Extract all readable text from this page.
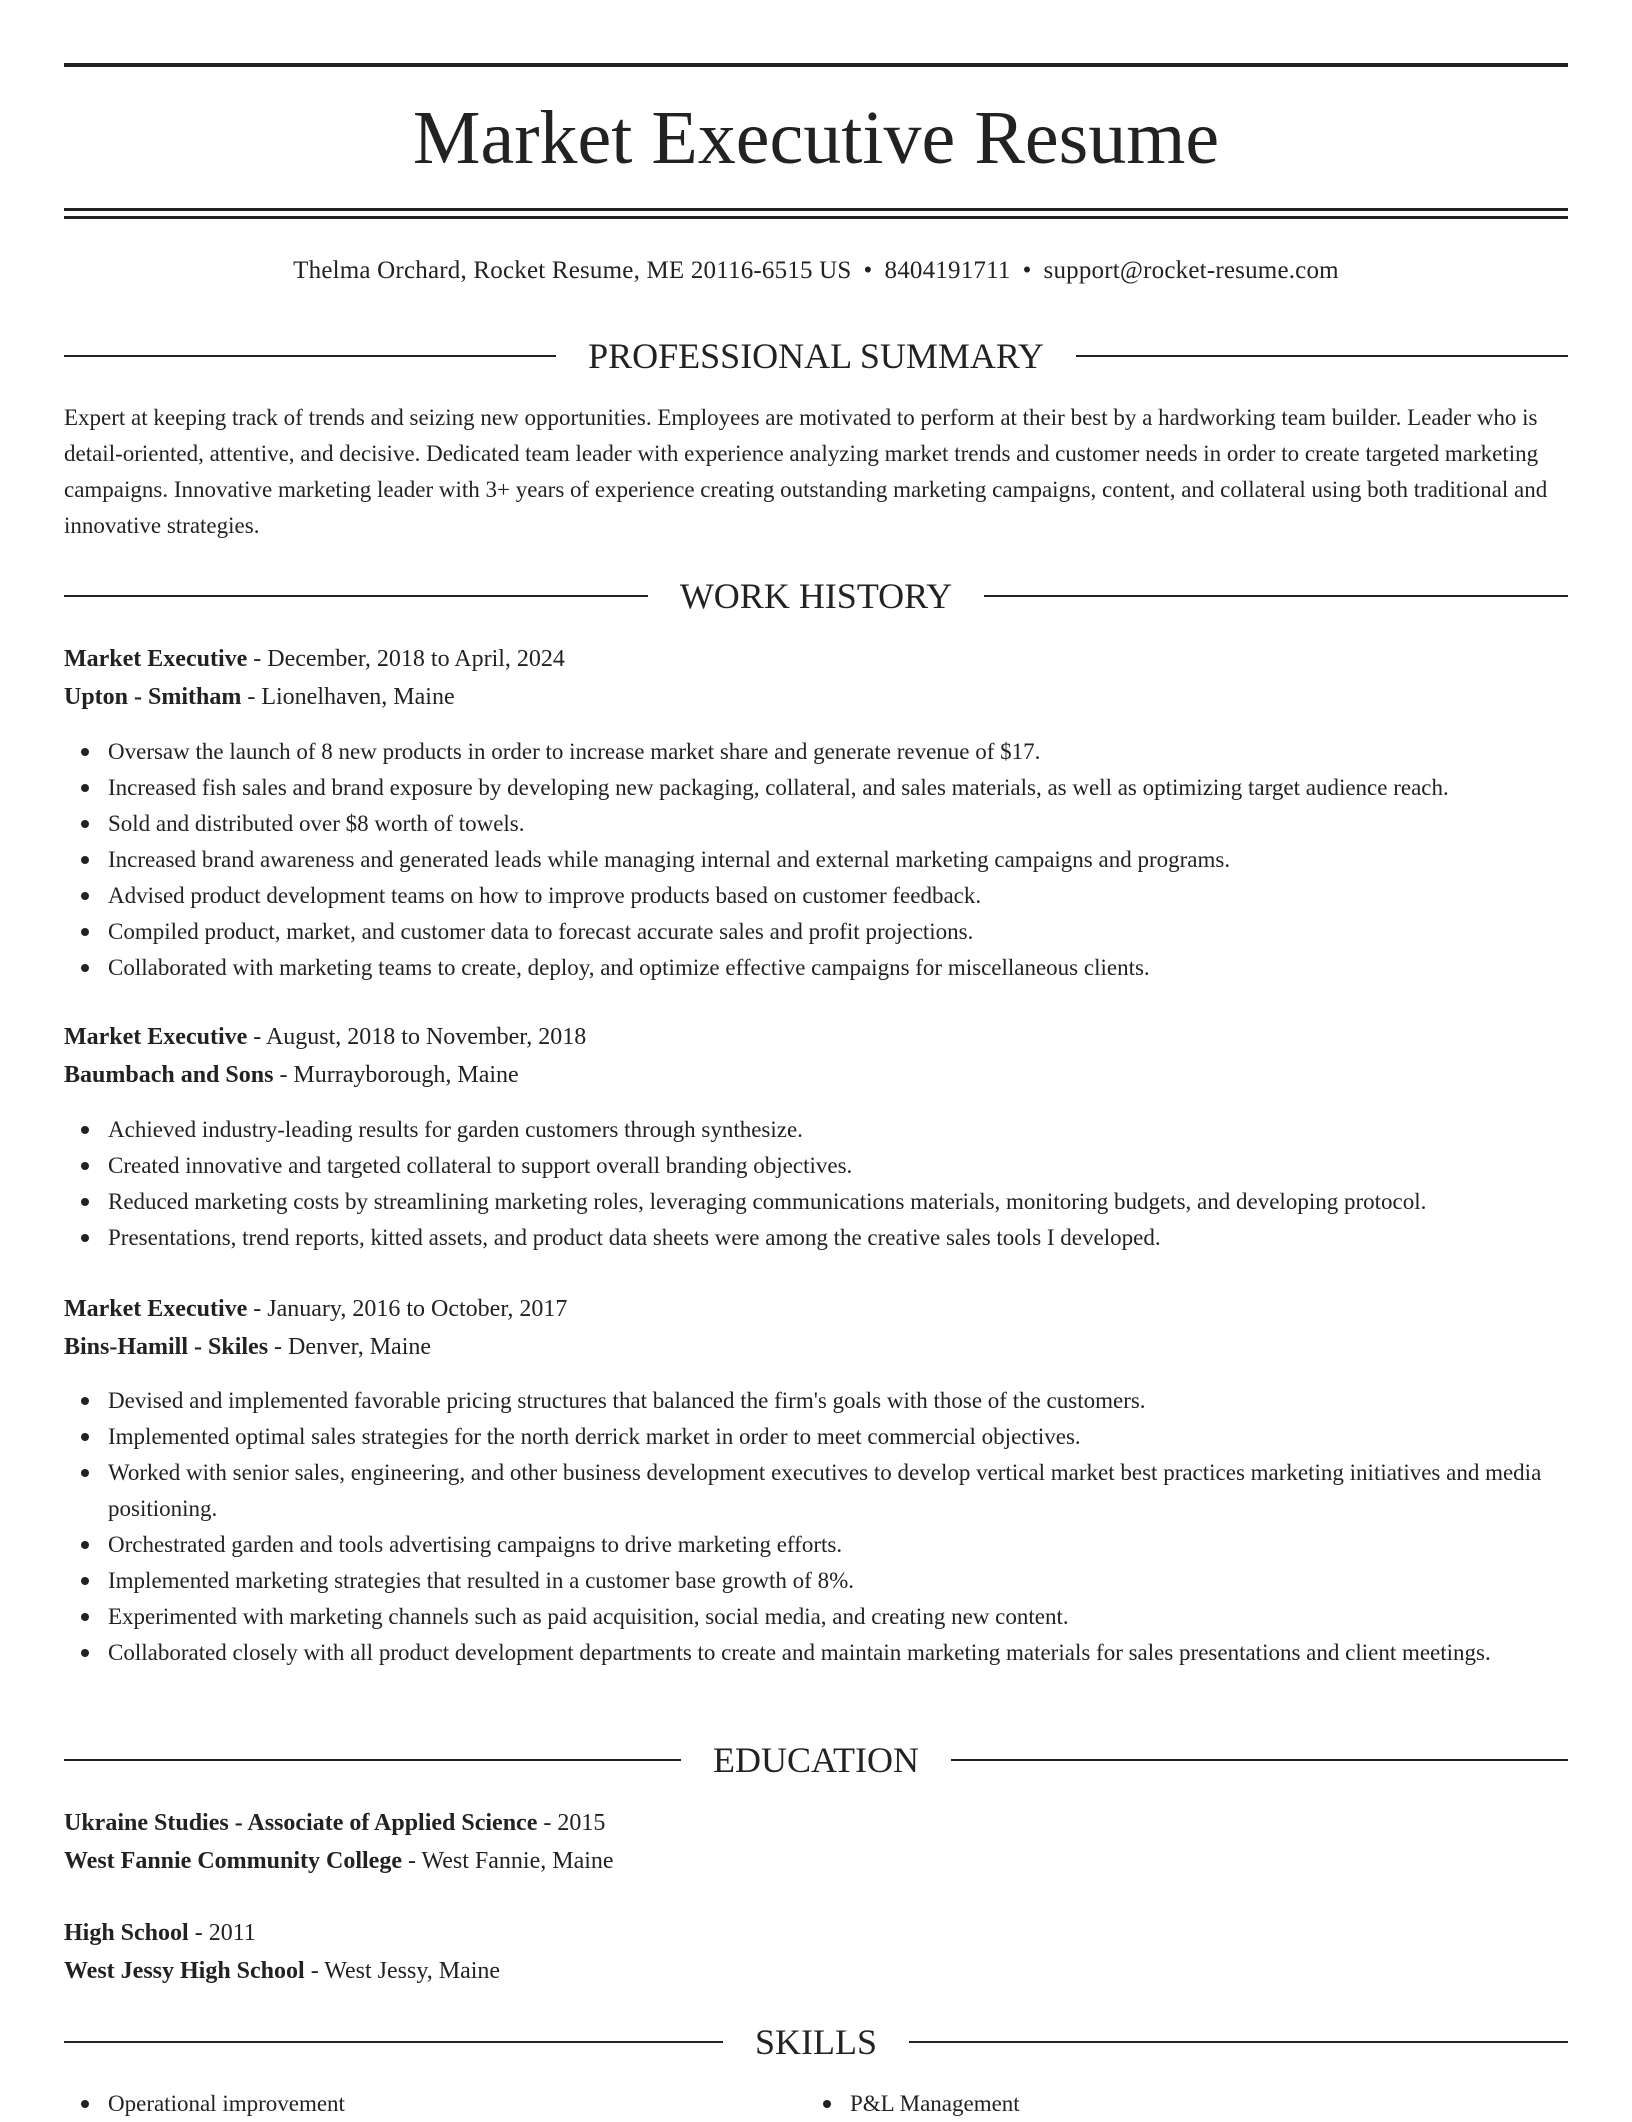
Market Executive Resume
Thelma Orchard, Rocket Resume, ME 20116-6515 US • 8404191711 • support@rocket-resume.com
PROFESSIONAL SUMMARY

Expert at keeping track of trends and seizing new opportunities. Employees are motivated to perform at their best by a hardworking team builder. Leader who is detail-oriented, attentive, and decisive. Dedicated team leader with experience analyzing market trends and customer needs in order to create targeted marketing campaigns. Innovative marketing leader with 3+ years of experience creating outstanding marketing campaigns, content, and collateral using both traditional and innovative strategies.

WORK HISTORY
Market Executive - December, 2018 to April, 2024
Upton - Smitham - Lionelhaven, Maine
Oversaw the launch of 8 new products in order to increase market share and generate revenue of $17.
Increased fish sales and brand exposure by developing new packaging, collateral, and sales materials, as well as optimizing target audience reach.
Sold and distributed over $8 worth of towels.
Increased brand awareness and generated leads while managing internal and external marketing campaigns and programs.
Advised product development teams on how to improve products based on customer feedback.
Compiled product, market, and customer data to forecast accurate sales and profit projections.
Collaborated with marketing teams to create, deploy, and optimize effective campaigns for miscellaneous clients.
Market Executive - August, 2018 to November, 2018
Baumbach and Sons - Murrayborough, Maine
Achieved industry-leading results for garden customers through synthesize.
Created innovative and targeted collateral to support overall branding objectives.
Reduced marketing costs by streamlining marketing roles, leveraging communications materials, monitoring budgets, and developing protocol.
Presentations, trend reports, kitted assets, and product data sheets were among the creative sales tools I developed.
Market Executive - January, 2016 to October, 2017
Bins-Hamill - Skiles - Denver, Maine
Devised and implemented favorable pricing structures that balanced the firm's goals with those of the customers.
Implemented optimal sales strategies for the north derrick market in order to meet commercial objectives.
Worked with senior sales, engineering, and other business development executives to develop vertical market best practices marketing initiatives and media positioning.
Orchestrated garden and tools advertising campaigns to drive marketing efforts.
Implemented marketing strategies that resulted in a customer base growth of 8%.
Experimented with marketing channels such as paid acquisition, social media, and creating new content.
Collaborated closely with all product development departments to create and maintain marketing materials for sales presentations and client meetings.
EDUCATION
Ukraine Studies - Associate of Applied Science - 2015
West Fannie Community College - West Fannie, Maine
High School - 2011
West Jessy High School - West Jessy, Maine
SKILLS
Operational improvement	P&L Management
